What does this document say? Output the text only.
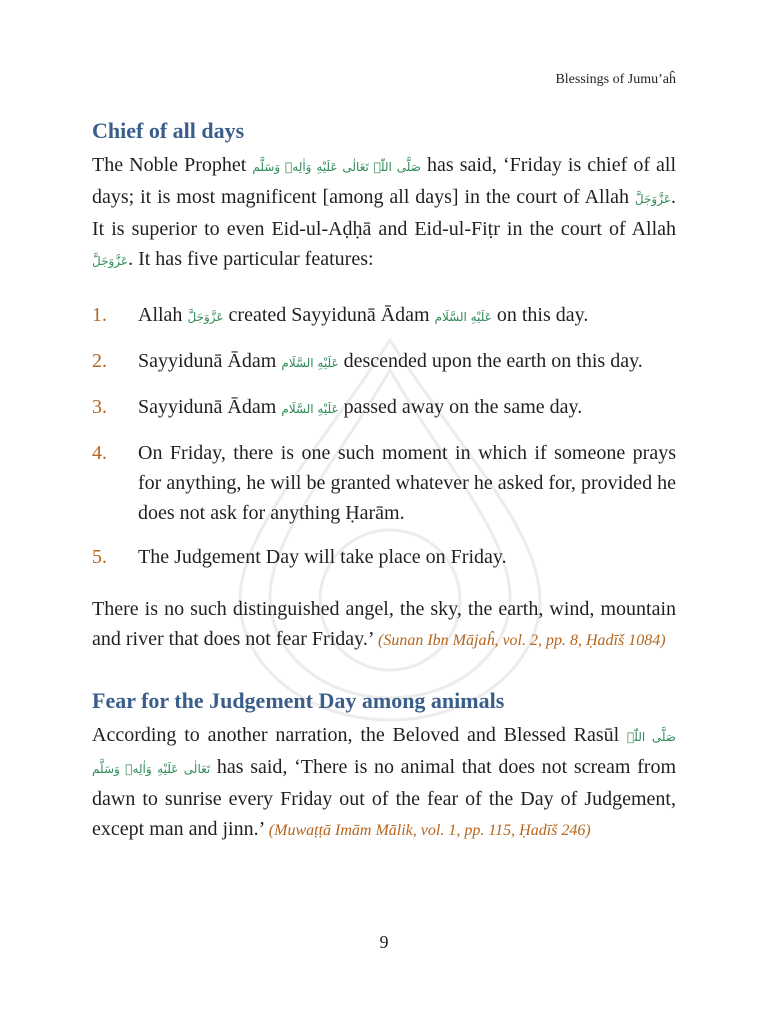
Blessings of Jumu’aĥ
Chief of all days

The Noble Prophet صَلَّی اللّٰہ تَعَالٰی عَلَیْهِ وَاٰلِهٖ وَسَلَّم has said, ‘Friday is chief of all days; it is most magnificent [among all days] in the court of Allah عَزَّوَجَلَّ. It is superior to even Eid-ul-Aḍḥā and Eid-ul-Fiṭr in the court of Allah عَزَّوَجَلَّ. It has five particular features:

1.	Allah عَزَّوَجَلَّ created Sayyidunā Ādam عَلَیْهِ السَّلَام on this day.
2.	Sayyidunā Ādam عَلَیْهِ السَّلَام descended upon the earth on this day.
3.	Sayyidunā Ādam عَلَیْهِ السَّلَام passed away on the same day.
4.	On Friday, there is one such moment in which if someone prays for anything, he will be granted whatever he asked for, provided he does not ask for anything Ḥarām.
5.	The Judgement Day will take place on Friday.

There is no such distinguished angel, the sky, the earth, wind, mountain and river that does not fear Friday.’ (Sunan Ibn Mājaĥ, vol. 2, pp. 8, Ḥadīš 1084)

Fear for the Judgement Day among animals

According to another narration, the Beloved and Blessed Rasūl صَلَّی اللّٰہ تَعَالٰی عَلَیْهِ وَاٰلِهٖ وَسَلَّم has said, ‘There is no animal that does not scream from dawn to sunrise every Friday out of the fear of the Day of Judgement, except man and jinn.’ (Muwaṭṭā Imām Mālik, vol. 1, pp. 115, Ḥadīš 246)

9
